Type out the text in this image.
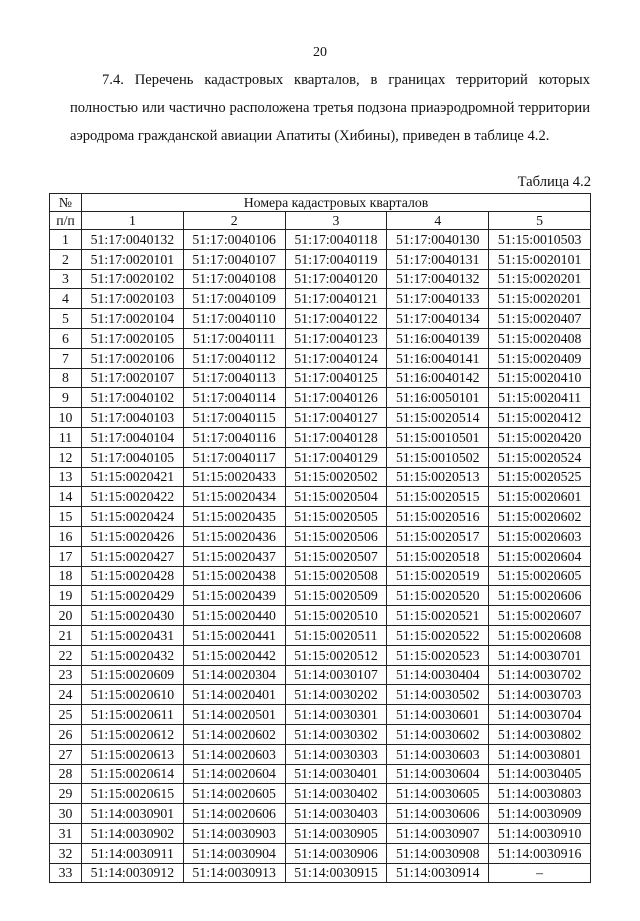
20

7.4. Перечень кадастровых кварталов, в границах территорий которых полностью или частично расположена третья подзона приаэродромной территории аэродрома гражданской авиации Апатиты (Хибины), приведен в таблице 4.2.

Таблица 4.2
№	Номера кадастровых кварталов				
п/п	1	2	3	4	5
1	51:17:0040132	51:17:0040106	51:17:0040118	51:17:0040130	51:15:0010503
2	51:17:0020101	51:17:0040107	51:17:0040119	51:17:0040131	51:15:0020101
3	51:17:0020102	51:17:0040108	51:17:0040120	51:17:0040132	51:15:0020201
4	51:17:0020103	51:17:0040109	51:17:0040121	51:17:0040133	51:15:0020201
5	51:17:0020104	51:17:0040110	51:17:0040122	51:17:0040134	51:15:0020407
6	51:17:0020105	51:17:0040111	51:17:0040123	51:16:0040139	51:15:0020408
7	51:17:0020106	51:17:0040112	51:17:0040124	51:16:0040141	51:15:0020409
8	51:17:0020107	51:17:0040113	51:17:0040125	51:16:0040142	51:15:0020410
9	51:17:0040102	51:17:0040114	51:17:0040126	51:16:0050101	51:15:0020411
10	51:17:0040103	51:17:0040115	51:17:0040127	51:15:0020514	51:15:0020412
11	51:17:0040104	51:17:0040116	51:17:0040128	51:15:0010501	51:15:0020420
12	51:17:0040105	51:17:0040117	51:17:0040129	51:15:0010502	51:15:0020524
13	51:15:0020421	51:15:0020433	51:15:0020502	51:15:0020513	51:15:0020525
14	51:15:0020422	51:15:0020434	51:15:0020504	51:15:0020515	51:15:0020601
15	51:15:0020424	51:15:0020435	51:15:0020505	51:15:0020516	51:15:0020602
16	51:15:0020426	51:15:0020436	51:15:0020506	51:15:0020517	51:15:0020603
17	51:15:0020427	51:15:0020437	51:15:0020507	51:15:0020518	51:15:0020604
18	51:15:0020428	51:15:0020438	51:15:0020508	51:15:0020519	51:15:0020605
19	51:15:0020429	51:15:0020439	51:15:0020509	51:15:0020520	51:15:0020606
20	51:15:0020430	51:15:0020440	51:15:0020510	51:15:0020521	51:15:0020607
21	51:15:0020431	51:15:0020441	51:15:0020511	51:15:0020522	51:15:0020608
22	51:15:0020432	51:15:0020442	51:15:0020512	51:15:0020523	51:14:0030701
23	51:15:0020609	51:14:0020304	51:14:0030107	51:14:0030404	51:14:0030702
24	51:15:0020610	51:14:0020401	51:14:0030202	51:14:0030502	51:14:0030703
25	51:15:0020611	51:14:0020501	51:14:0030301	51:14:0030601	51:14:0030704
26	51:15:0020612	51:14:0020602	51:14:0030302	51:14:0030602	51:14:0030802
27	51:15:0020613	51:14:0020603	51:14:0030303	51:14:0030603	51:14:0030801
28	51:15:0020614	51:14:0020604	51:14:0030401	51:14:0030604	51:14:0030405
29	51:15:0020615	51:14:0020605	51:14:0030402	51:14:0030605	51:14:0030803
30	51:14:0030901	51:14:0020606	51:14:0030403	51:14:0030606	51:14:0030909
31	51:14:0030902	51:14:0030903	51:14:0030905	51:14:0030907	51:14:0030910
32	51:14:0030911	51:14:0030904	51:14:0030906	51:14:0030908	51:14:0030916
33	51:14:0030912	51:14:0030913	51:14:0030915	51:14:0030914	–
